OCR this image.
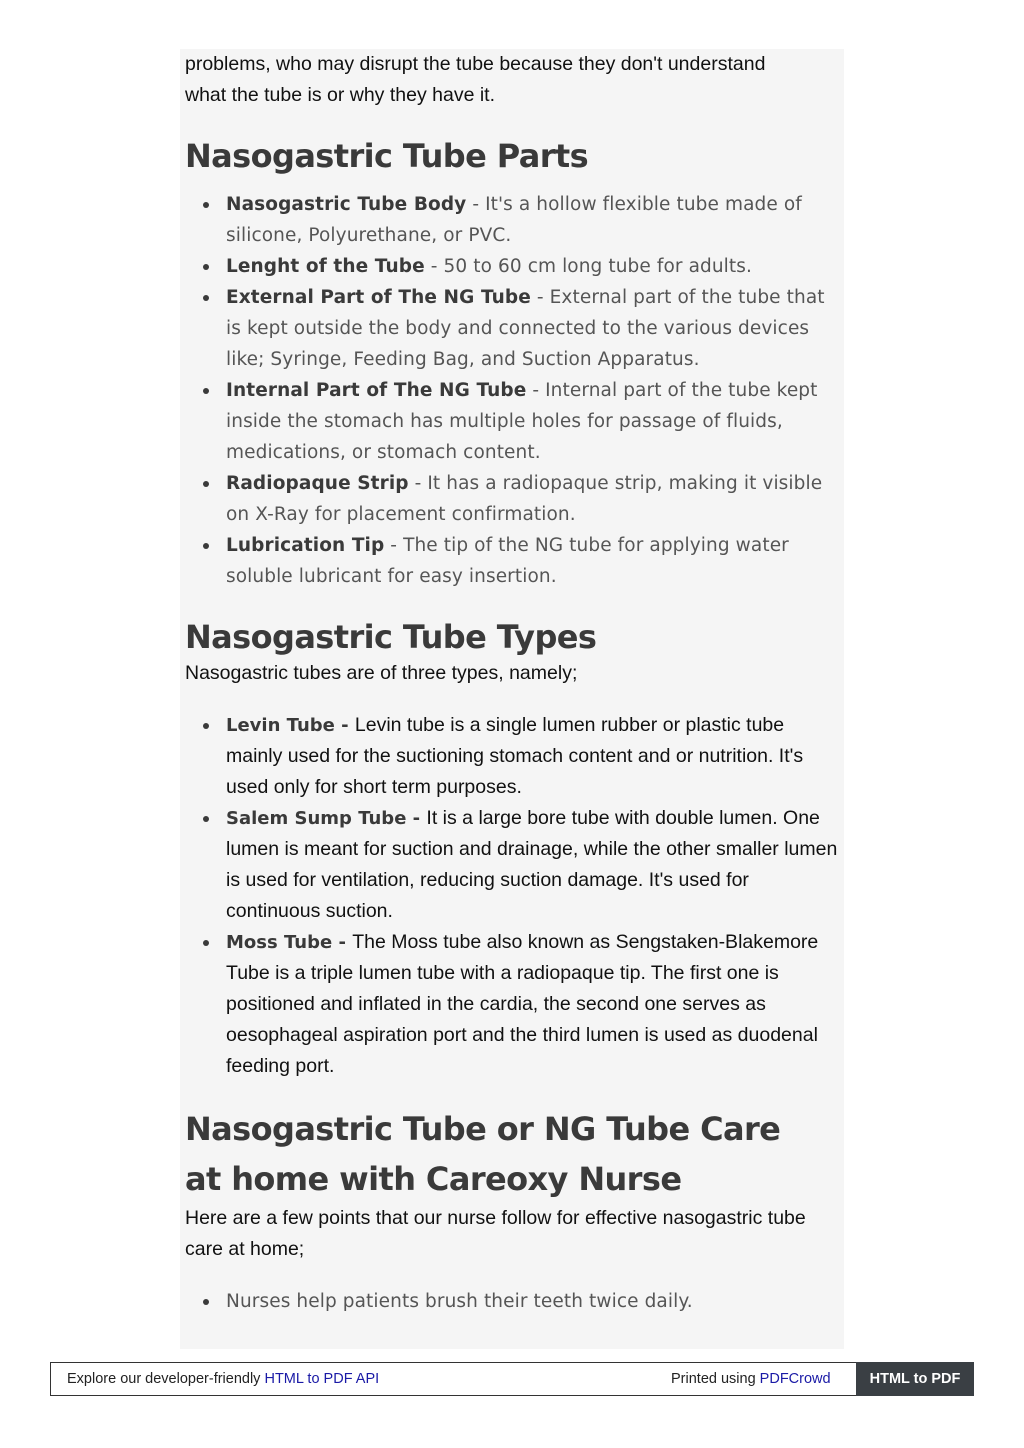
problems, who may disrupt the tube because they don't understand
what the tube is or why they have it.

Nasogastric Tube Parts
Nasogastric Tube Body - It's a hollow flexible tube made of silicone, Polyurethane, or PVC.
Lenght of the Tube - 50 to 60 cm long tube for adults.
External Part of The NG Tube - External part of the tube that is kept outside the body and connected to the various devices like; Syringe, Feeding Bag, and Suction Apparatus.
Internal Part of The NG Tube - Internal part of the tube kept inside the stomach has multiple holes for passage of fluids, medications, or stomach content.
Radiopaque Strip - It has a radiopaque strip, making it visible on X-Ray for placement confirmation.
Lubrication Tip - The tip of the NG tube for applying water soluble lubricant for easy insertion.
Nasogastric Tube Types

Nasogastric tubes are of three types, namely;

Levin Tube - Levin tube is a single lumen rubber or plastic tube mainly used for the suctioning stomach content and or nutrition. It's used only for short term purposes.
Salem Sump Tube - It is a large bore tube with double lumen. One lumen is meant for suction and drainage, while the other smaller lumen is used for ventilation, reducing suction damage. It's used for continuous suction.
Moss Tube - The Moss tube also known as Sengstaken-Blakemore Tube is a triple lumen tube with a radiopaque tip. The first one is positioned and inflated in the cardia, the second one serves as oesophageal aspiration port and the third lumen is used as duodenal feeding port.
Nasogastric Tube or NG Tube Care at home with Careoxy Nurse

Here are a few points that our nurse follow for effective nasogastric tube care at home;

Nurses help patients brush their teeth twice daily.
Explore our developer-friendly HTML to PDF API	Printed using PDFCrowd	HTML to PDF
